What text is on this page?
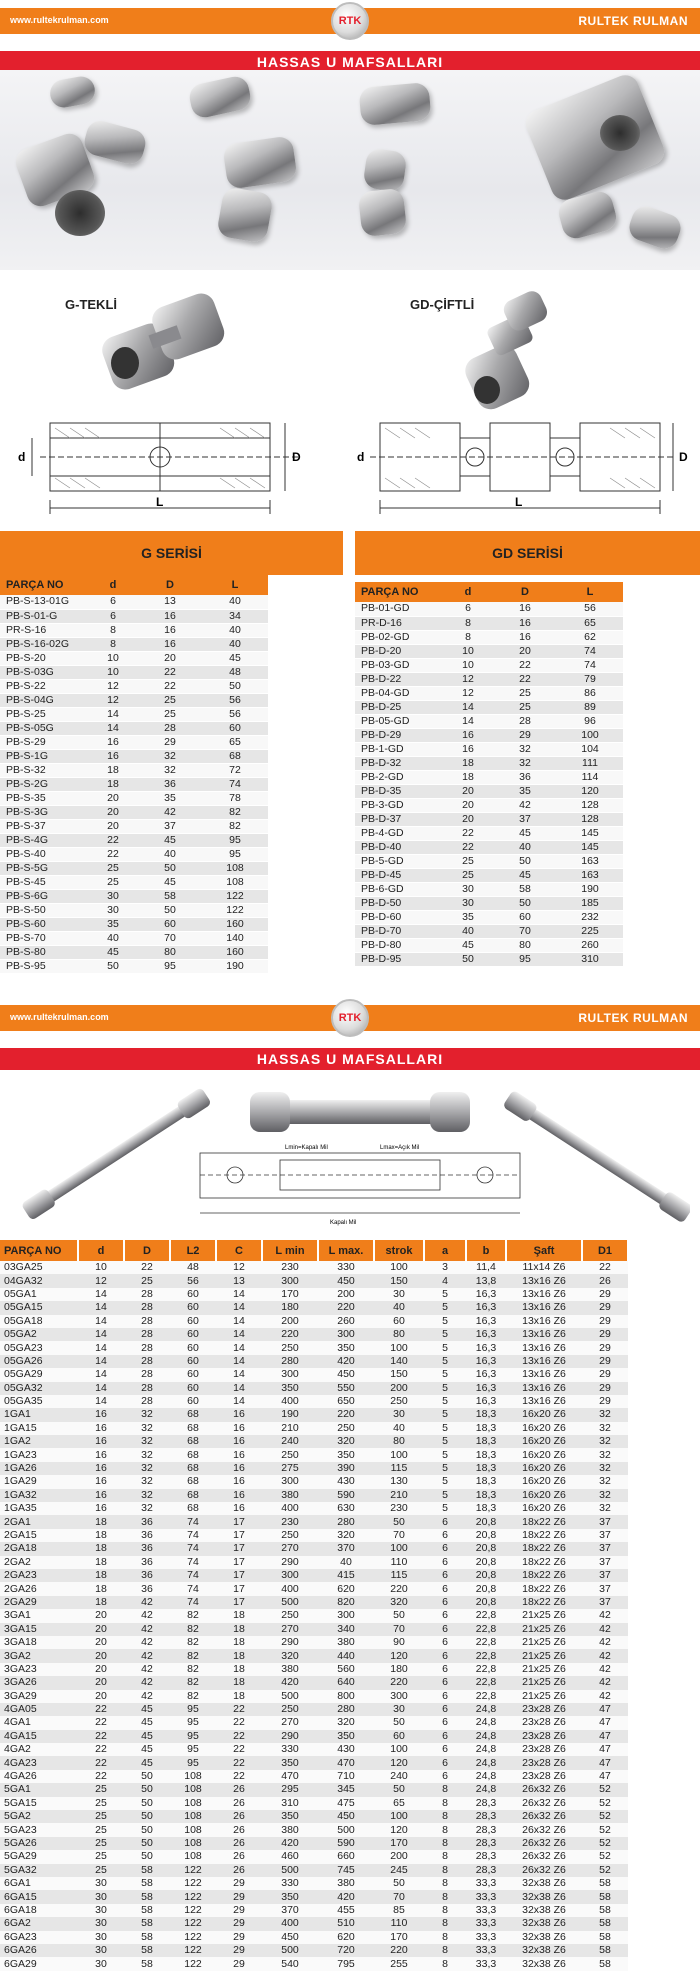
www.rultekrulman.com	RULTEK RULMAN
RTK
HASSAS U MAFSALLARI
G-TEKLİ	GD-ÇİFTLİ
d	D
L
d	D
L
G SERİSİ
PARÇA NO	d	D	L
PB-S-13-01G	6	13	40
PB-S-01-G	6	16	34
PR-S-16	8	16	40
PB-S-16-02G	8	16	40
PB-S-20	10	20	45
PB-S-03G	10	22	48
PB-S-22	12	22	50
PB-S-04G	12	25	56
PB-S-25	14	25	56
PB-S-05G	14	28	60
PB-S-29	16	29	65
PB-S-1G	16	32	68
PB-S-32	18	32	72
PB-S-2G	18	36	74
PB-S-35	20	35	78
PB-S-3G	20	42	82
PB-S-37	20	37	82
PB-S-4G	22	45	95
PB-S-40	22	40	95
PB-S-5G	25	50	108
PB-S-45	25	45	108
PB-S-6G	30	58	122
PB-S-50	30	50	122
PB-S-60	35	60	160
PB-S-70	40	70	140
PB-S-80	45	80	160
PB-S-95	50	95	190
GD SERİSİ
PARÇA NO	d	D	L
PB-01-GD	6	16	56
PR-D-16	8	16	65
PB-02-GD	8	16	62
PB-D-20	10	20	74
PB-03-GD	10	22	74
PB-D-22	12	22	79
PB-04-GD	12	25	86
PB-D-25	14	25	89
PB-05-GD	14	28	96
PB-D-29	16	29	100
PB-1-GD	16	32	104
PB-D-32	18	32	111
PB-2-GD	18	36	114
PB-D-35	20	35	120
PB-3-GD	20	42	128
PB-D-37	20	37	128
PB-4-GD	22	45	145
PB-D-40	22	40	145
PB-5-GD	25	50	163
PB-D-45	25	45	163
PB-6-GD	30	58	190
PB-D-50	30	50	185
PB-D-60	35	60	232
PB-D-70	40	70	225
PB-D-80	45	80	260
PB-D-95	50	95	310
www.rultekrulman.com	RULTEK RULMAN
RTK
HASSAS U MAFSALLARI
Lmin=Kapalı Mil	Lmax=Açık Mil
Kapalı Mil
PARÇA NO	d	D	L2	C	L min	L max.	strok	a	b	Şaft	D1
03GA25	10	22	48	12	230	330	100	3	11,4	11x14 Z6	22
04GA32	12	25	56	13	300	450	150	4	13,8	13x16 Z6	26
05GA1	14	28	60	14	170	200	30	5	16,3	13x16 Z6	29
05GA15	14	28	60	14	180	220	40	5	16,3	13x16 Z6	29
05GA18	14	28	60	14	200	260	60	5	16,3	13x16 Z6	29
05GA2	14	28	60	14	220	300	80	5	16,3	13x16 Z6	29
05GA23	14	28	60	14	250	350	100	5	16,3	13x16 Z6	29
05GA26	14	28	60	14	280	420	140	5	16,3	13x16 Z6	29
05GA29	14	28	60	14	300	450	150	5	16,3	13x16 Z6	29
05GA32	14	28	60	14	350	550	200	5	16,3	13x16 Z6	29
05GA35	14	28	60	14	400	650	250	5	16,3	13x16 Z6	29
1GA1	16	32	68	16	190	220	30	5	18,3	16x20 Z6	32
1GA15	16	32	68	16	210	250	40	5	18,3	16x20 Z6	32
1GA2	16	32	68	16	240	320	80	5	18,3	16x20 Z6	32
1GA23	16	32	68	16	250	350	100	5	18,3	16x20 Z6	32
1GA26	16	32	68	16	275	390	115	5	18,3	16x20 Z6	32
1GA29	16	32	68	16	300	430	130	5	18,3	16x20 Z6	32
1GA32	16	32	68	16	380	590	210	5	18,3	16x20 Z6	32
1GA35	16	32	68	16	400	630	230	5	18,3	16x20 Z6	32
2GA1	18	36	74	17	230	280	50	6	20,8	18x22 Z6	37
2GA15	18	36	74	17	250	320	70	6	20,8	18x22 Z6	37
2GA18	18	36	74	17	270	370	100	6	20,8	18x22 Z6	37
2GA2	18	36	74	17	290	40	110	6	20,8	18x22 Z6	37
2GA23	18	36	74	17	300	415	115	6	20,8	18x22 Z6	37
2GA26	18	36	74	17	400	620	220	6	20,8	18x22 Z6	37
2GA29	18	42	74	17	500	820	320	6	20,8	18x22 Z6	37
3GA1	20	42	82	18	250	300	50	6	22,8	21x25 Z6	42
3GA15	20	42	82	18	270	340	70	6	22,8	21x25 Z6	42
3GA18	20	42	82	18	290	380	90	6	22,8	21x25 Z6	42
3GA2	20	42	82	18	320	440	120	6	22,8	21x25 Z6	42
3GA23	20	42	82	18	380	560	180	6	22,8	21x25 Z6	42
3GA26	20	42	82	18	420	640	220	6	22,8	21x25 Z6	42
3GA29	20	42	82	18	500	800	300	6	22,8	21x25 Z6	42
4GA05	22	45	95	22	250	280	30	6	24,8	23x28 Z6	47
4GA1	22	45	95	22	270	320	50	6	24,8	23x28 Z6	47
4GA15	22	45	95	22	290	350	60	6	24,8	23x28 Z6	47
4GA2	22	45	95	22	330	430	100	6	24,8	23x28 Z6	47
4GA23	22	45	95	22	350	470	120	6	24,8	23x28 Z6	47
4GA26	22	50	108	22	470	710	240	6	24,8	23x28 Z6	47
5GA1	25	50	108	26	295	345	50	8	24,8	26x32 Z6	52
5GA15	25	50	108	26	310	475	65	8	28,3	26x32 Z6	52
5GA2	25	50	108	26	350	450	100	8	28,3	26x32 Z6	52
5GA23	25	50	108	26	380	500	120	8	28,3	26x32 Z6	52
5GA26	25	50	108	26	420	590	170	8	28,3	26x32 Z6	52
5GA29	25	50	108	26	460	660	200	8	28,3	26x32 Z6	52
5GA32	25	58	122	26	500	745	245	8	28,3	26x32 Z6	52
6GA1	30	58	122	29	330	380	50	8	33,3	32x38 Z6	58
6GA15	30	58	122	29	350	420	70	8	33,3	32x38 Z6	58
6GA18	30	58	122	29	370	455	85	8	33,3	32x38 Z6	58
6GA2	30	58	122	29	400	510	110	8	33,3	32x38 Z6	58
6GA23	30	58	122	29	450	620	170	8	33,3	32x38 Z6	58
6GA26	30	58	122	29	500	720	220	8	33,3	32x38 Z6	58
6GA29	30	58	122	29	540	795	255	8	33,3	32x38 Z6	58
